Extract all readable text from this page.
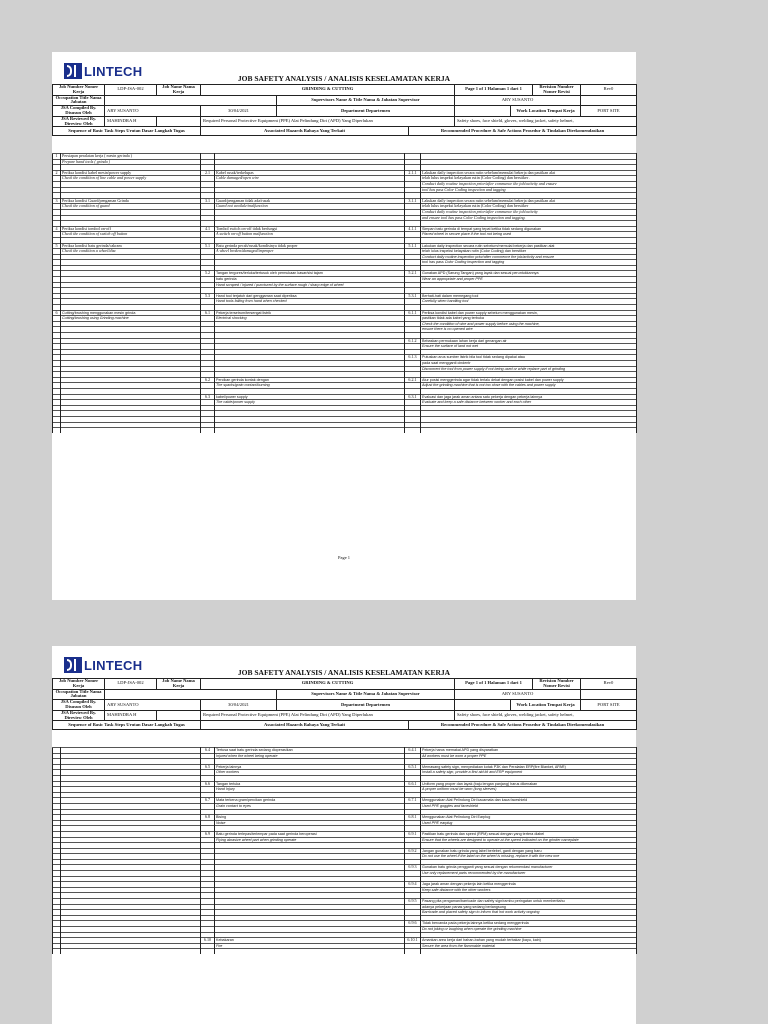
LINTECH	JOB SAFETY ANALYSIS / ANALISIS KESELAMATAN KERJA
Job Number Nomer Kerja	LDP-JSA-002	Job Name Nama Kerja	GRINDING & CUTTING			Page 1 of 1 Halaman 1 dari 1		Revision Number Nomer Revisi	Rev0
Occupation Title Nama Jabatan				Supervisors Name & Title Nama & Jabatan Supervisor		ARY SUSANTO			
JSA Compiled By. Disusun Oleh	ARY SUSANTO		30/04/2021	Department Departemen			Work Location Tempat Kerja		PORT SITE
JSA Reviewed By. Direview Oleh	MAHINDRA H		Required Personal Protective Equipment (PPE) Alat Pelindung Diri (APD) Yang Diperlukan			Safety shoes, face shield, gloves, welding jacket, safety helmet,			
Sequence of Basic Task Steps Urutan Dasar Langkah Tugas			Associated Hazards Bahaya Yang Terkait		Recommended Procedure & Safe Actions Prosedur & Tindakan Direkomendasikan				
1	Persiapan peralatan kerja ( mesin gerinda )				
	Prepare hand tools ( grinda )				

2	Periksa kondisi kabel mesin/power supply	2.1	Kabel rusak/terkelupas	2.1.1	Lakukan daily inspection secara rutin sebelum/memulai bekerja dan pastikan alat
	Check the condition of line cable and power supply		Cable damaged/open wire		telah lulus inspeksi kelayakan rutin (Color Coding) dan berstiker .
					Conduct daily routine inspection prior/after commence the job/activity and ensure
					tool has pass Color Coding inspection and tagging

3	Periksa kondisi Guard/pengaman Grinda	3.1	Guard/pengaman tidak ada/rusak	3.1.1	Lakukan daily inspection secara rutin sebelum/memulai bekerja dan pastikan alat
	Check the condition of guard		Guard not availale/malfunction		telah lulus inspeksi kelayakan rutin (Color Coding) dan berstiker
					Conduct daily routine inspection prior/after commence the job/activity
					and ensure tool has pass Color Coding inspection and tagging.

4	Periksa kondisi tombol on-off	4.1	Tombol switch on-off tidak berfungsi	4.1.1	Simpan batu gerinda di tempat yang tepat ketika tidak sedang digunakan
	Check the condition of switch off button		A switch on-off button malfunction		Placed wheel in secure place if the tool not being used

5	Periksa kondisi batu gerinda/cakram	5.1	Batu gerinda pecah/rusak/kondisinya tidak proper	5.1.1	Lakukan daily inspection secara rutin sebelum/memulai bekerja dan pastikan alat
	Check the condition a wheel/disc		A wheel broken/damaged/improper		telah lulus inspeksi kelayakan rutin (Color Coding) dan berstiker
					Conduct daily routine inspection prior/after commence the job/activity and ensure
					tool has pass Color Coding inspection and tagging

		5.2	Tangan tergores/terluka/tertusuk oleh permukaan kasar/sisi tajam	5.2.1	Gunakan APD (Sarung Tangan) yang layak dan sesuai peruntukkannya
			batu gerinda		Wear an appropriate and proper PPE
			Hand scraped / injured / punctured by the surface rough / sharp edge of wheel		

		5.3	Hand tool terjatuh dari genggaman saat diperiksa	5.3.1	Berhati-hati dalam memegang tool
			Hand tools falling from hand when checked		Carefully when handling tool

6	Cutting/brushing menggunakan mesin grinda	6.1	Pekerja tersetrum/tersengat listrik	6.1.1	Periksa kondisi kabel dan power supply sebelum menggunakan mesin,
	Cutting/brushing using Grinding machine		Electrical shocking		pastikan tidak ada kabel yang terbuka
					Check the condition of wire and power supply before using the machine,
					ensure there is no opened wire

				6.1.2	Bebaskan permukaan lahan kerja dari genangan air
					Ensure the surface of land not wet

				6.1.3	Putuskan arus sumber listrik bila tool tidak sedang dipakai atau
					pada saat mengganti cindentr
					Disconnect the tool from power supply if not being used or while replace part of grinding

		6.2	Percikan gerinda kontak dengan	6.2.1	Atur posisi menggerinda agar tidak terlalu dekat dengan posisi kabel dan power supply
			The sparks/grain contact/burning		Adjust the grinding machine that is not too close with the cables and power supply

		6.3	kabel/power supply	6.3.1	Evaluasi dan jaga jarak aman antara satu pekerja dengan pekerja lainnya
			The cable/power supply		Evaluate and keep a safe distance between worker and each other

Page 1
LINTECH	JOB SAFETY ANALYSIS / ANALISIS KESELAMATAN KERJA
Job Number Nomer Kerja	LDP-JSA-002	Job Name Nama Kerja	GRINDING & CUTTING			Page 1 of 1 Halaman 1 dari 1		Revision Number Nomer Revisi	Rev0
Occupation Title Nama Jabatan				Supervisors Name & Title Nama & Jabatan Supervisor		ARY SUSANTO			
JSA Compiled By. Disusun Oleh	ARY SUSANTO		30/04/2021	Department Departemen			Work Location Tempat Kerja		PORT SITE
JSA Reviewed By. Direview Oleh	MAHINDRA H		Required Personal Protective Equipment (PPE) Alat Pelindung Diri (APD) Yang Diperlukan			Safety shoes, face shield, gloves, welding jacket, safety helmet,			
Sequence of Basic Task Steps Urutan Dasar Langkah Tugas			Associated Hazards Bahaya Yang Terkait		Recommended Procedure & Safe Actions Prosedur & Tindakan Direkomendasikan				
		6.4	Tertusa saat batu gerinda sedang dioperasikan	6.4.1	Pekerja harus memakai APD yang disyaratkan
			Injured when the wheel being operate		All workers must be worn a proper PPE

		6.5	Pekerja lainnya	6.5.1	Memasang safety sign, menyediakan kotak P3K dan Peralatan ERP(fire Blanket, APAR)
			Other workers		Install a safety sign, provide a first aid kit and ERP equipment

		6.6	Tangan terluka	6.6.1	Uniform yang proper dan layak (baju lengan panjang) harus dikenakan
			Hand Injury		A proper uniform must be worn (long sleeves)

		6.7	Mata terkena gram/percikan gerinda	6.7.1	Menggunakan Alat Pelindung Diri kacamata dan kaca faceshield
			Grain contact to eyes		Used PPE goggles and faceshield

		6.8	Bising	6.8.1	Menggunakan Alat Pelindung Diri Earplug
			Noise		Used PPE earplug

		6.9	Batu gerinda terlepas/terlempar pada saat gerinda beroperasi	6.9.1	Pastikan batu gerinda dan speed (RPM) sesuai dengan yang tertera diabel
			Flying abrasive wheel part when grinding operate		Ensure that the wheels are designed to operate at the speed indicated on the grinder nameplate

				6.9.2	Jangan gunakan batu grinda yang label berlebel, ganti dengan yang baru
					Do not use the wheel if the label on the wheel is missing, replace it with the new one

				6.9.3	Gunakan batu grinda pengganti yang sesuai dengan rekomendasi manufacturer
					Use only replacement parts recommended by the manufacturer

				6.9.4	Jaga jarak aman dengan pekerja lain ketika menggerinda
					Keep safe distance with the other workers

				6.9.5	Pasang pita pengaman/barricade dan safety sign/rambu peringatan untuk memberitahu
					adanya pekerjaan panas yang sedang berlangsung
					Barricade and placed safety sign to inform that hot work activity ongoing

				6.9.6	Tidak bercanda pada pekerja lainnya ketika sedang menggerinda
					Do not joking or laughing when operate the grinding machine

		6.10	Kebakaran	6.10.1	Amankan area kerja dari bahan-bahan yang mudah terbakar (kayu, kain)
			Fire		Secure the area from the flammable material
